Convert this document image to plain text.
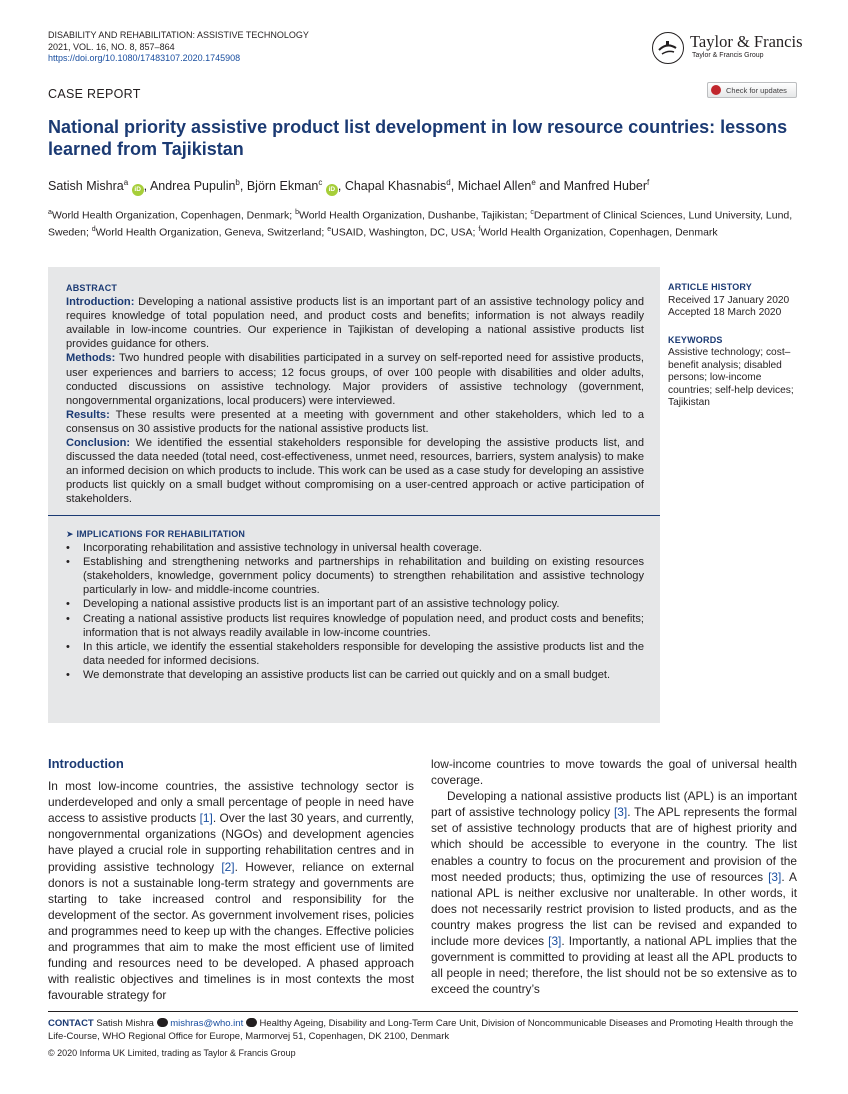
DISABILITY AND REHABILITATION: ASSISTIVE TECHNOLOGY
2021, VOL. 16, NO. 8, 857–864
https://doi.org/10.1080/17483107.2020.1745908
Taylor & Francis
Taylor & Francis Group
CASE REPORT	Check for updates
National priority assistive product list development in low resource countries: lessons learned from Tajikistan
Satish Mishra$^a$ iD , Andrea Pupulin$^b$, Björn Ekman$^c$ iD , Chapal Khasnabis$^d$, Michael Allen$^e$ and Manfred Huber$^f$
$^a$World Health Organization, Copenhagen, Denmark; $^b$World Health Organization, Dushanbe, Tajikistan; $^c$Department of Clinical Sciences, Lund University, Lund, Sweden; $^d$World Health Organization, Geneva, Switzerland; $^e$USAID, Washington, DC, USA; $^f$World Health Organization, Copenhagen, Denmark
ABSTRACT

Introduction: Developing a national assistive products list is an important part of an assistive technology policy and requires knowledge of total population need, and product costs and benefits; information is not always readily available in low-income countries. Our experience in Tajikistan of developing a national assistive products list provides guidance for others.

Methods: Two hundred people with disabilities participated in a survey on self-reported need for assistive products, user experiences and barriers to access; 12 focus groups, of over 100 people with disabilities and older adults, conducted discussions on assistive technology. Major providers of assistive technology (government, nongovernmental organizations, local producers) were interviewed.

Results: These results were presented at a meeting with government and other stakeholders, which led to a consensus on 30 assistive products for the national assistive products list.

Conclusion: We identified the essential stakeholders responsible for developing the assistive products list, and discussed the data needed (total need, cost-effectiveness, unmet need, resources, barriers, system analysis) to make an informed decision on which products to include. This work can be used as a case study for developing an assistive products list quickly on a small budget without compromising on a user-centred approach or active participation of stakeholders.

➤ IMPLICATIONS FOR REHABILITATION
• Incorporating rehabilitation and assistive technology in universal health coverage.
• Establishing and strengthening networks and partnerships in rehabilitation and building on existing resources (stakeholders, knowledge, government policy documents) to strengthen rehabilitation and assistive technology particularly in low- and middle-income countries.
• Developing a national assistive products list is an important part of an assistive technology policy.
• Creating a national assistive products list requires knowledge of population need, and product costs and benefits; information that is not always readily available in low-income countries.
• In this article, we identify the essential stakeholders responsible for developing the assistive products list and the data needed for informed decisions.
• We demonstrate that developing an assistive products list can be carried out quickly and on a small budget.
ARTICLE HISTORY
Received 17 January 2020
Accepted 18 March 2020
KEYWORDS
Assistive technology; cost–benefit analysis; disabled persons; low-income countries; self-help devices; Tajikistan
Introduction

In most low-income countries, the assistive technology sector is underdeveloped and only a small percentage of people in need have access to assistive products [1]. Over the last 30 years, and currently, nongovernmental organizations (NGOs) and development agencies have played a crucial role in supporting rehabilitation centres and in providing assistive technology [2]. However, reliance on external donors is not a sustainable long-term strategy and governments are starting to take increased control and responsibility for the development of the sector. As government involvement rises, policies and programmes need to keep up with the changes. Effective policies and programmes that aim to make the most efficient use of limited funding and resources need to be developed. A phased approach with realistic objectives and timelines is in most contexts the most favourable strategy for

low-income countries to move towards the goal of universal health coverage.

Developing a national assistive products list (APL) is an important part of assistive technology policy [3]. The APL represents the formal set of assistive technology products that are of highest priority and which should be accessible to everyone in the country. The list enables a country to focus on the procurement and provision of the most needed products; thus, optimizing the use of resources [3]. A national APL is neither exclusive nor unalterable. In other words, it does not necessarily restrict provision to listed products, and as the country makes progress the list can be revised and expanded to include more devices [3]. Importantly, a national APL implies that the government is committed to providing at least all the APL products to all people in need; therefore, the list should not be so extensive as to exceed the country’s

CONTACT Satish Mishra  mishras@who.int  Healthy Ageing, Disability and Long-Term Care Unit, Division of Noncommunicable Diseases and Promoting Health through the Life-Course, WHO Regional Office for Europe, Marmorvej 51, Copenhagen, DK 2100, Denmark
© 2020 Informa UK Limited, trading as Taylor & Francis Group
